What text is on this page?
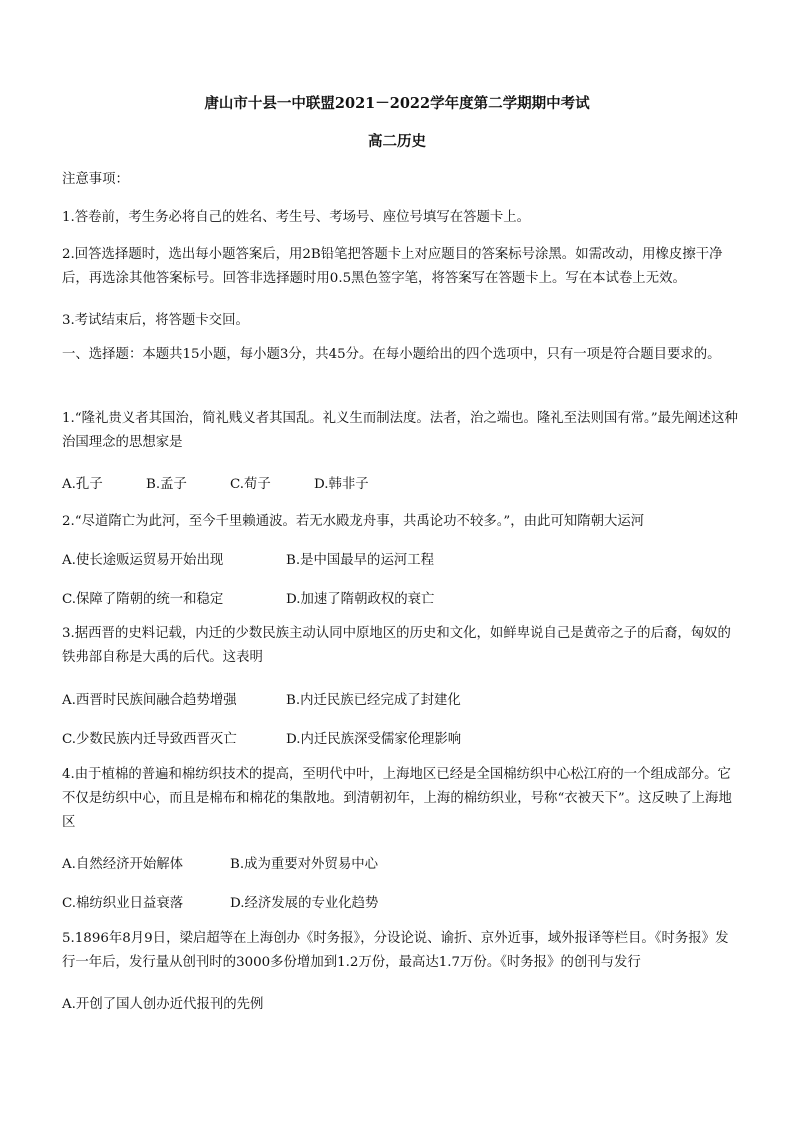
唐山市十县一中联盟2021－2022学年度第二学期期中考试
高二历史
注意事项：
1.答卷前，考生务必将自己的姓名、考生号、考场号、座位号填写在答题卡上。
2.回答选择题时，选出每小题答案后，用2B铅笔把答题卡上对应题目的答案标号涂黑。如需改动，用橡皮擦干净后，再选涂其他答案标号。回答非选择题时用0.5黑色签字笔，将答案写在答题卡上。写在本试卷上无效。
3.考试结束后，将答题卡交回。
一、选择题：本题共15小题，每小题3分，共45分。在每小题给出的四个选项中，只有一项是符合题目要求的。
1.“隆礼贵义者其国治，简礼贱义者其国乱。礼义生而制法度。法者，治之端也。隆礼至法则国有常。”最先阐述这种治国理念的思想家是
A.孔子	B.孟子	C.荀子	D.韩非子
2.“尽道隋亡为此河，至今千里赖通波。若无水殿龙舟事，共禹论功不较多。”，由此可知隋朝大运河
A.使长途贩运贸易开始出现	B.是中国最早的运河工程
C.保障了隋朝的统一和稳定	D.加速了隋朝政权的衰亡
3.据西晋的史料记载，内迁的少数民族主动认同中原地区的历史和文化，如鲜卑说自己是黄帝之子的后裔，匈奴的铁弗部自称是大禹的后代。这表明
A.西晋时民族间融合趋势增强	B.内迁民族已经完成了封建化
C.少数民族内迁导致西晋灭亡	D.内迁民族深受儒家伦理影响
4.由于植棉的普遍和棉纺织技术的提高，至明代中叶，上海地区已经是全国棉纺织中心松江府的一个组成部分。它不仅是纺织中心，而且是棉布和棉花的集散地。到清朝初年，上海的棉纺织业，号称“衣被天下”。这反映了上海地区
A.自然经济开始解体	B.成为重要对外贸易中心
C.棉纺织业日益衰落	D.经济发展的专业化趋势
5.1896年8月9日，梁启超等在上海创办《时务报》，分设论说、谕折、京外近事，域外报译等栏目。《时务报》发行一年后，发行量从创刊时的3000多份增加到1.2万份，最高达1.7万份。《时务报》的创刊与发行
A.开创了国人创办近代报刊的先例
